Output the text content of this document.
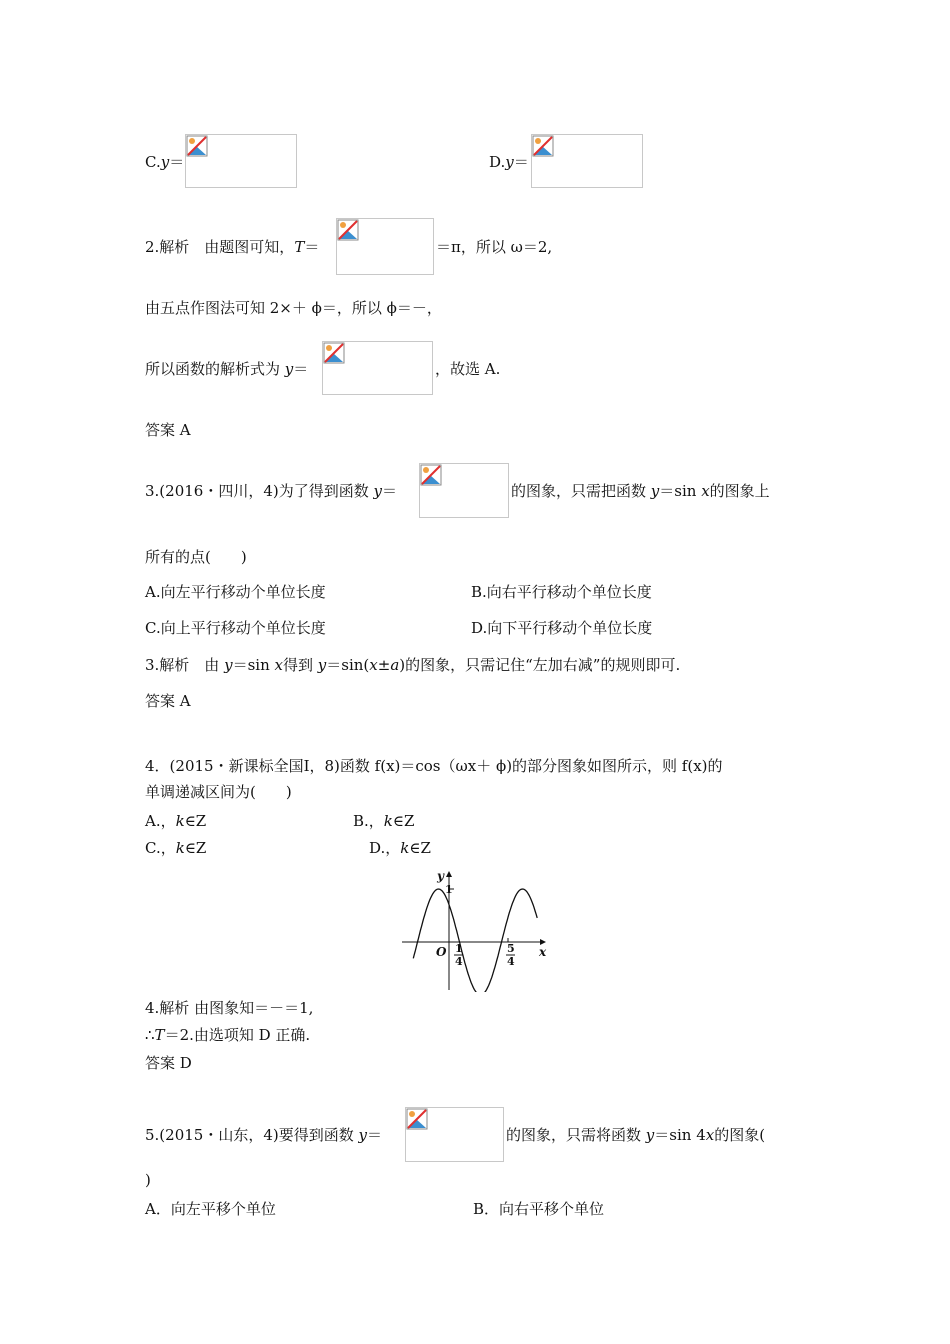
C.y＝	D.y＝
2.解析　由题图可知，T＝	＝π，所以 ω＝2,
由五点作图法可知 2×＋ ϕ＝，所以 ϕ＝－，
所以函数的解析式为 y＝	，故选 A.
答案 A
3.(2016・四川，4)为了得到函数 y＝	的图象，只需把函数 y＝sin x的图象上
所有的点(　　)
A.向左平行移动个单位长度	B.向右平行移动个单位长度
C.向上平行移动个单位长度	D.向下平行移动个单位长度
3.解析　由 y＝sin x得到 y＝sin(x±a)的图象，只需记住“左加右减”的规则即可.
答案 A
4．(2015・新课标全国Ⅰ，8)函数 f(x)＝cos（ωx＋ ϕ)的部分图象如图所示，则 f(x)的
单调递减区间为(　　)
A.，k∈Z	B.，k∈Z
C.，k∈Z	D.，k∈Z
y
x
O
1
1
4
5
4
4.解析 由图象知＝－＝1,
∴T＝2.由选项知 D 正确.
答案 D
5.(2015・山东，4)要得到函数 y＝	的图象，只需将函数 y＝sin 4x的图象(
)
A．向左平移个单位	B．向右平移个单位
